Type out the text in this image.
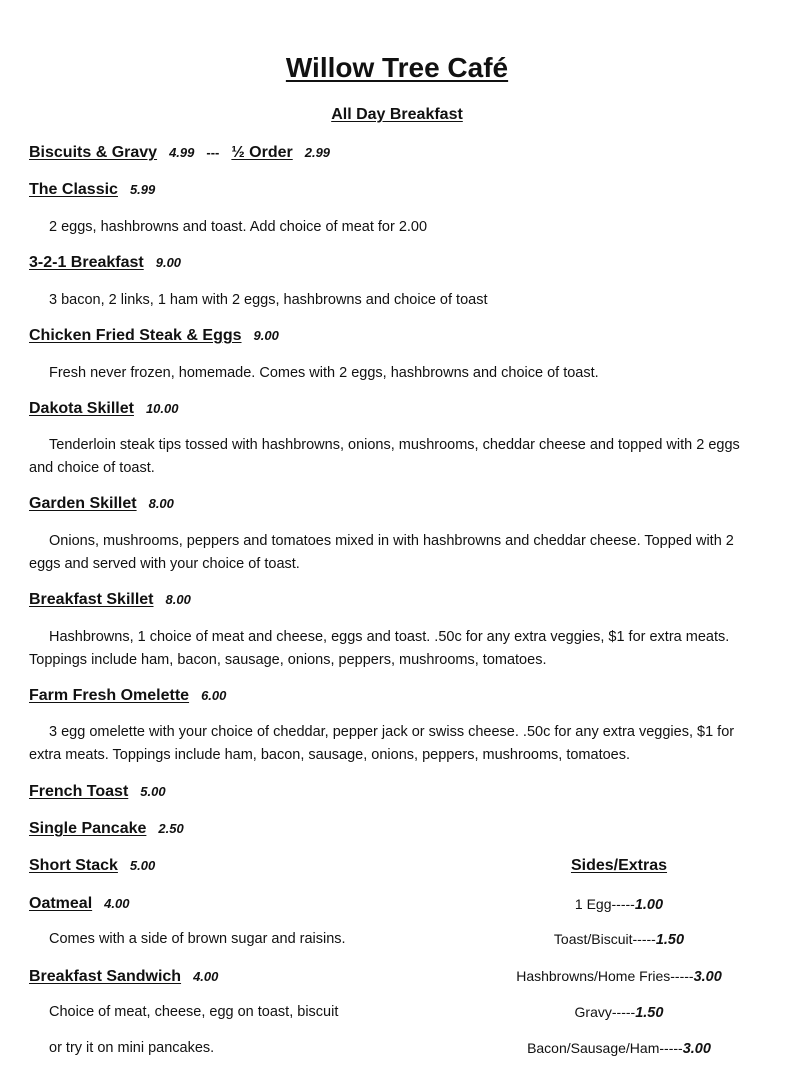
Willow Tree Café
All Day Breakfast
Biscuits & Gravy 4.99 --- ½ Order 2.99
The Classic 5.99
2 eggs, hashbrowns and toast. Add choice of meat for 2.00
3-2-1 Breakfast 9.00
3 bacon, 2 links, 1 ham with 2 eggs, hashbrowns and choice of toast
Chicken Fried Steak & Eggs 9.00
Fresh never frozen, homemade. Comes with 2 eggs, hashbrowns and choice of toast.
Dakota Skillet 10.00
Tenderloin steak tips tossed with hashbrowns, onions, mushrooms, cheddar cheese and topped with 2 eggs and choice of toast.
Garden Skillet 8.00
Onions, mushrooms, peppers and tomatoes mixed in with hashbrowns and cheddar cheese. Topped with 2 eggs and served with your choice of toast.
Breakfast Skillet 8.00
Hashbrowns, 1 choice of meat and cheese, eggs and toast. .50c for any extra veggies, $1 for extra meats. Toppings include ham, bacon, sausage, onions, peppers, mushrooms, tomatoes.
Farm Fresh Omelette 6.00
3 egg omelette with your choice of cheddar, pepper jack or swiss cheese. .50c for any extra veggies, $1 for extra meats. Toppings include ham, bacon, sausage, onions, peppers, mushrooms, tomatoes.
French Toast 5.00
Single Pancake 2.50
Short Stack 5.00
Oatmeal 4.00
Comes with a side of brown sugar and raisins.
Breakfast Sandwich 4.00
Choice of meat, cheese, egg on toast, biscuit
or try it on mini pancakes.
Sides/Extras
1 Egg-----1.00
Toast/Biscuit-----1.50
Hashbrowns/Home Fries-----3.00
Gravy-----1.50
Bacon/Sausage/Ham-----3.00
